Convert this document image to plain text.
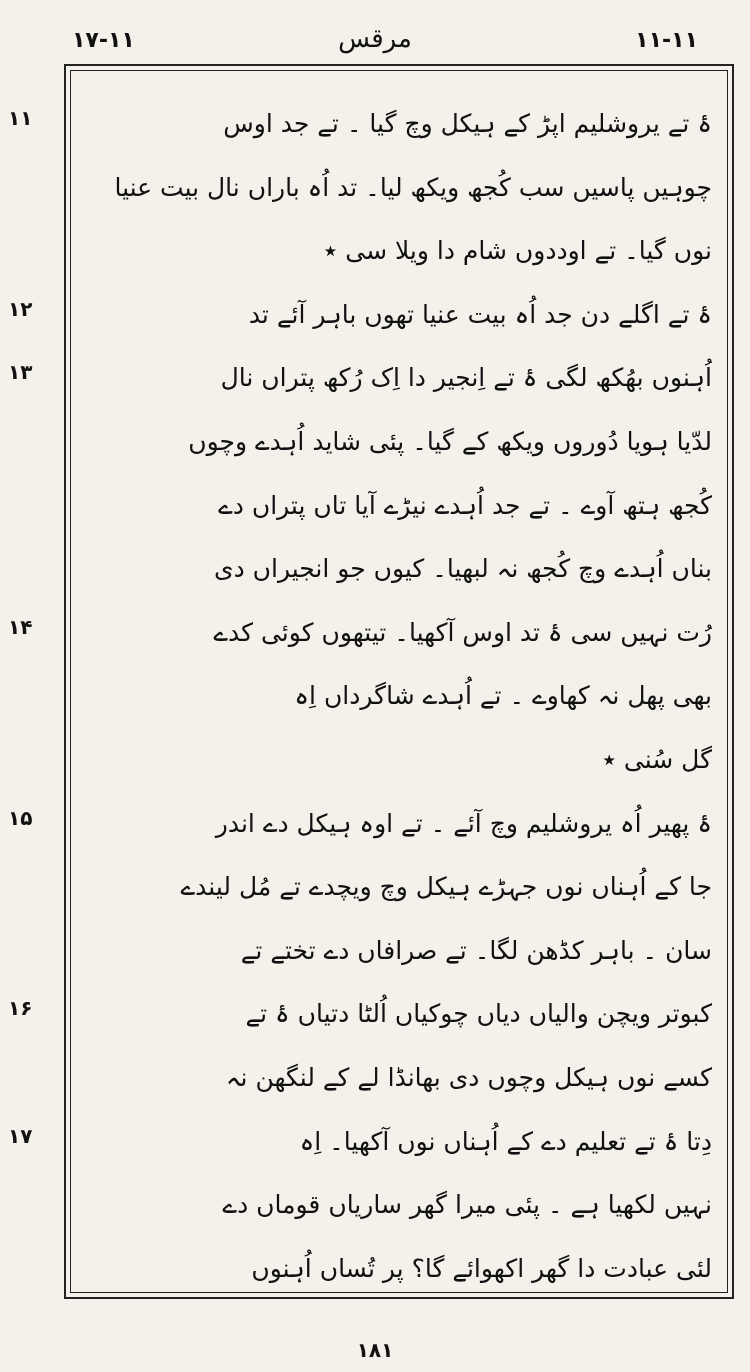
۱۷-۱۱	مرقس	۱۱-۱۱
ۂ تے یروشلیم اپڑ کے ہیکل وچ گیا ۔ تے جد اوس
چوہیں پاسیں سب کُجھ ویکھ لیا۔ تد اُہ باراں نال بیت عنیا
نوں گیا۔ تے اوددوں شام دا ویلا سی ٭
ۂ تے اگلے دن جد اُہ بیت عنیا تھوں باہر آئے تد
اُہنوں بھُکھ لگی ۂ تے اِنجیر دا اِک رُکھ پتراں نال
لدّیا ہویا دُوروں ویکھ کے گیا۔ پئی شاید اُہدے وچوں
کُجھ ہتھ آوے ۔ تے جد اُہدے نیڑے آیا تاں پتراں دے
بناں اُہدے وچ کُجھ نہ لبھیا۔ کیوں جو انجیراں دی
رُت نہیں سی ۂ تد اوس آکھیا۔ تیتھوں کوئی کدے
بھی پھل نہ کھاوے ۔ تے اُہدے شاگرداں اِہ
گل سُنی ٭
ۂ پھیر اُہ یروشلیم وچ آئے ۔ تے اوہ ہیکل دے اندر
جا کے اُہناں نوں جہڑے ہیکل وچ ویچدے تے مُل لیندے
سان ۔ باہر کڈھن لگا۔ تے صرافاں دے تختے تے
کبوتر ویچن والیاں دیاں چوکیاں اُلٹا دتیاں ۂ تے
کسے نوں ہیکل وچوں دی بھانڈا لے کے لنگھن نہ
دِتا ۂ تے تعلیم دے کے اُہناں نوں آکھیا۔ اِہ
نہیں لکھیا ہے ۔ پئی میرا گھر ساریاں قوماں دے
لئی عبادت دا گھر اکھوائے گا؟ پر تُساں اُہنوں
۱۱
۱۲
۱۳
۱۴
۱۵
۱۶
۱۷
۱۸۱
